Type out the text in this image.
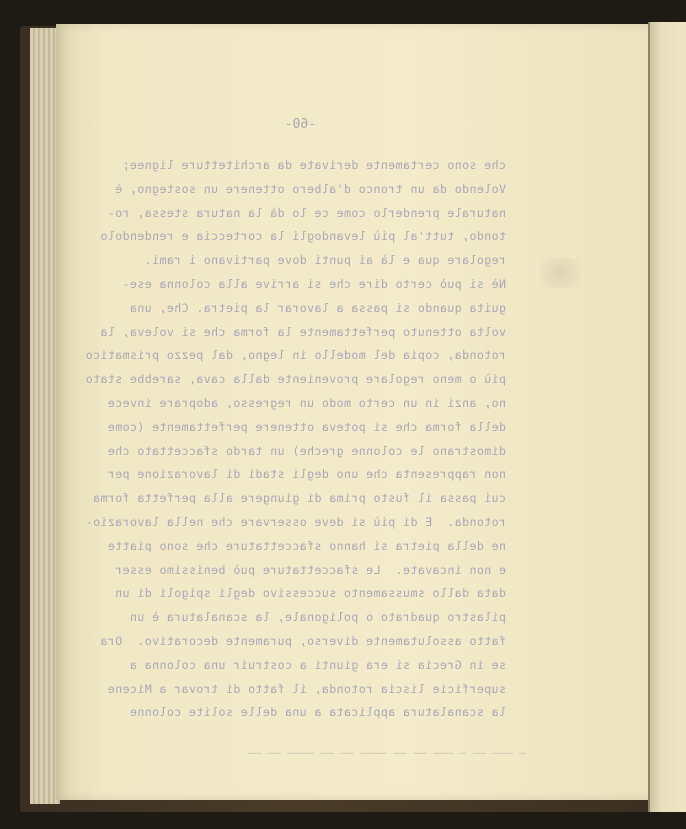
-60-
che sono certamente derivate da architetture lignee;
Volendo da un tronco d'albero ottenere un sostegno, è
naturale prenderlo come ce lo dà la natura stessa, ro-
tondo, tutt'al più levandogli la corteccia e rendendolo
regolare qua e là ai punti dove partivano i rami.
Nè si può certo dire che si arrive alla colonna ese-
guita quando si passa a lavorar la pietra. Che, una
volta ottenuto perfettamente la forma che si voleva, la
rotonda, copia del modello in legno, dal pezzo prismatico
più o meno regolare proveniente dalla cava, sarebbe stato
no, anzi in un certo modo un regresso, adoprare invece
della forma che si poteva ottenere perfettamente (come
dimostrano le colonne greche) un tardo sfaccettato che
non rappresenta che uno degli stadi di lavorazione per
cui passa il fusto prima di giungere alla perfetta forma
rotonda.  E di più si deve osservare che nella lavorazio-
ne della pietra si hanno sfaccettature che sono piatte
e non incavate.  Le sfaccettature può benissimo esser
data dallo smussamento successivo degli spigoli di un
pilastro quadrato o poligonale, la scanalatura è un
fatto assolutamente diverso, puramente decorativo.  Ora
se in Grecia si era giunti a costruir una colonna a
superficie liscia rotonda, il fatto di trovar a Micene
la scanalatura applicata a una delle solite colonne
— ——— —— — ——— —— —— ———— —— —— ———— —— ——
